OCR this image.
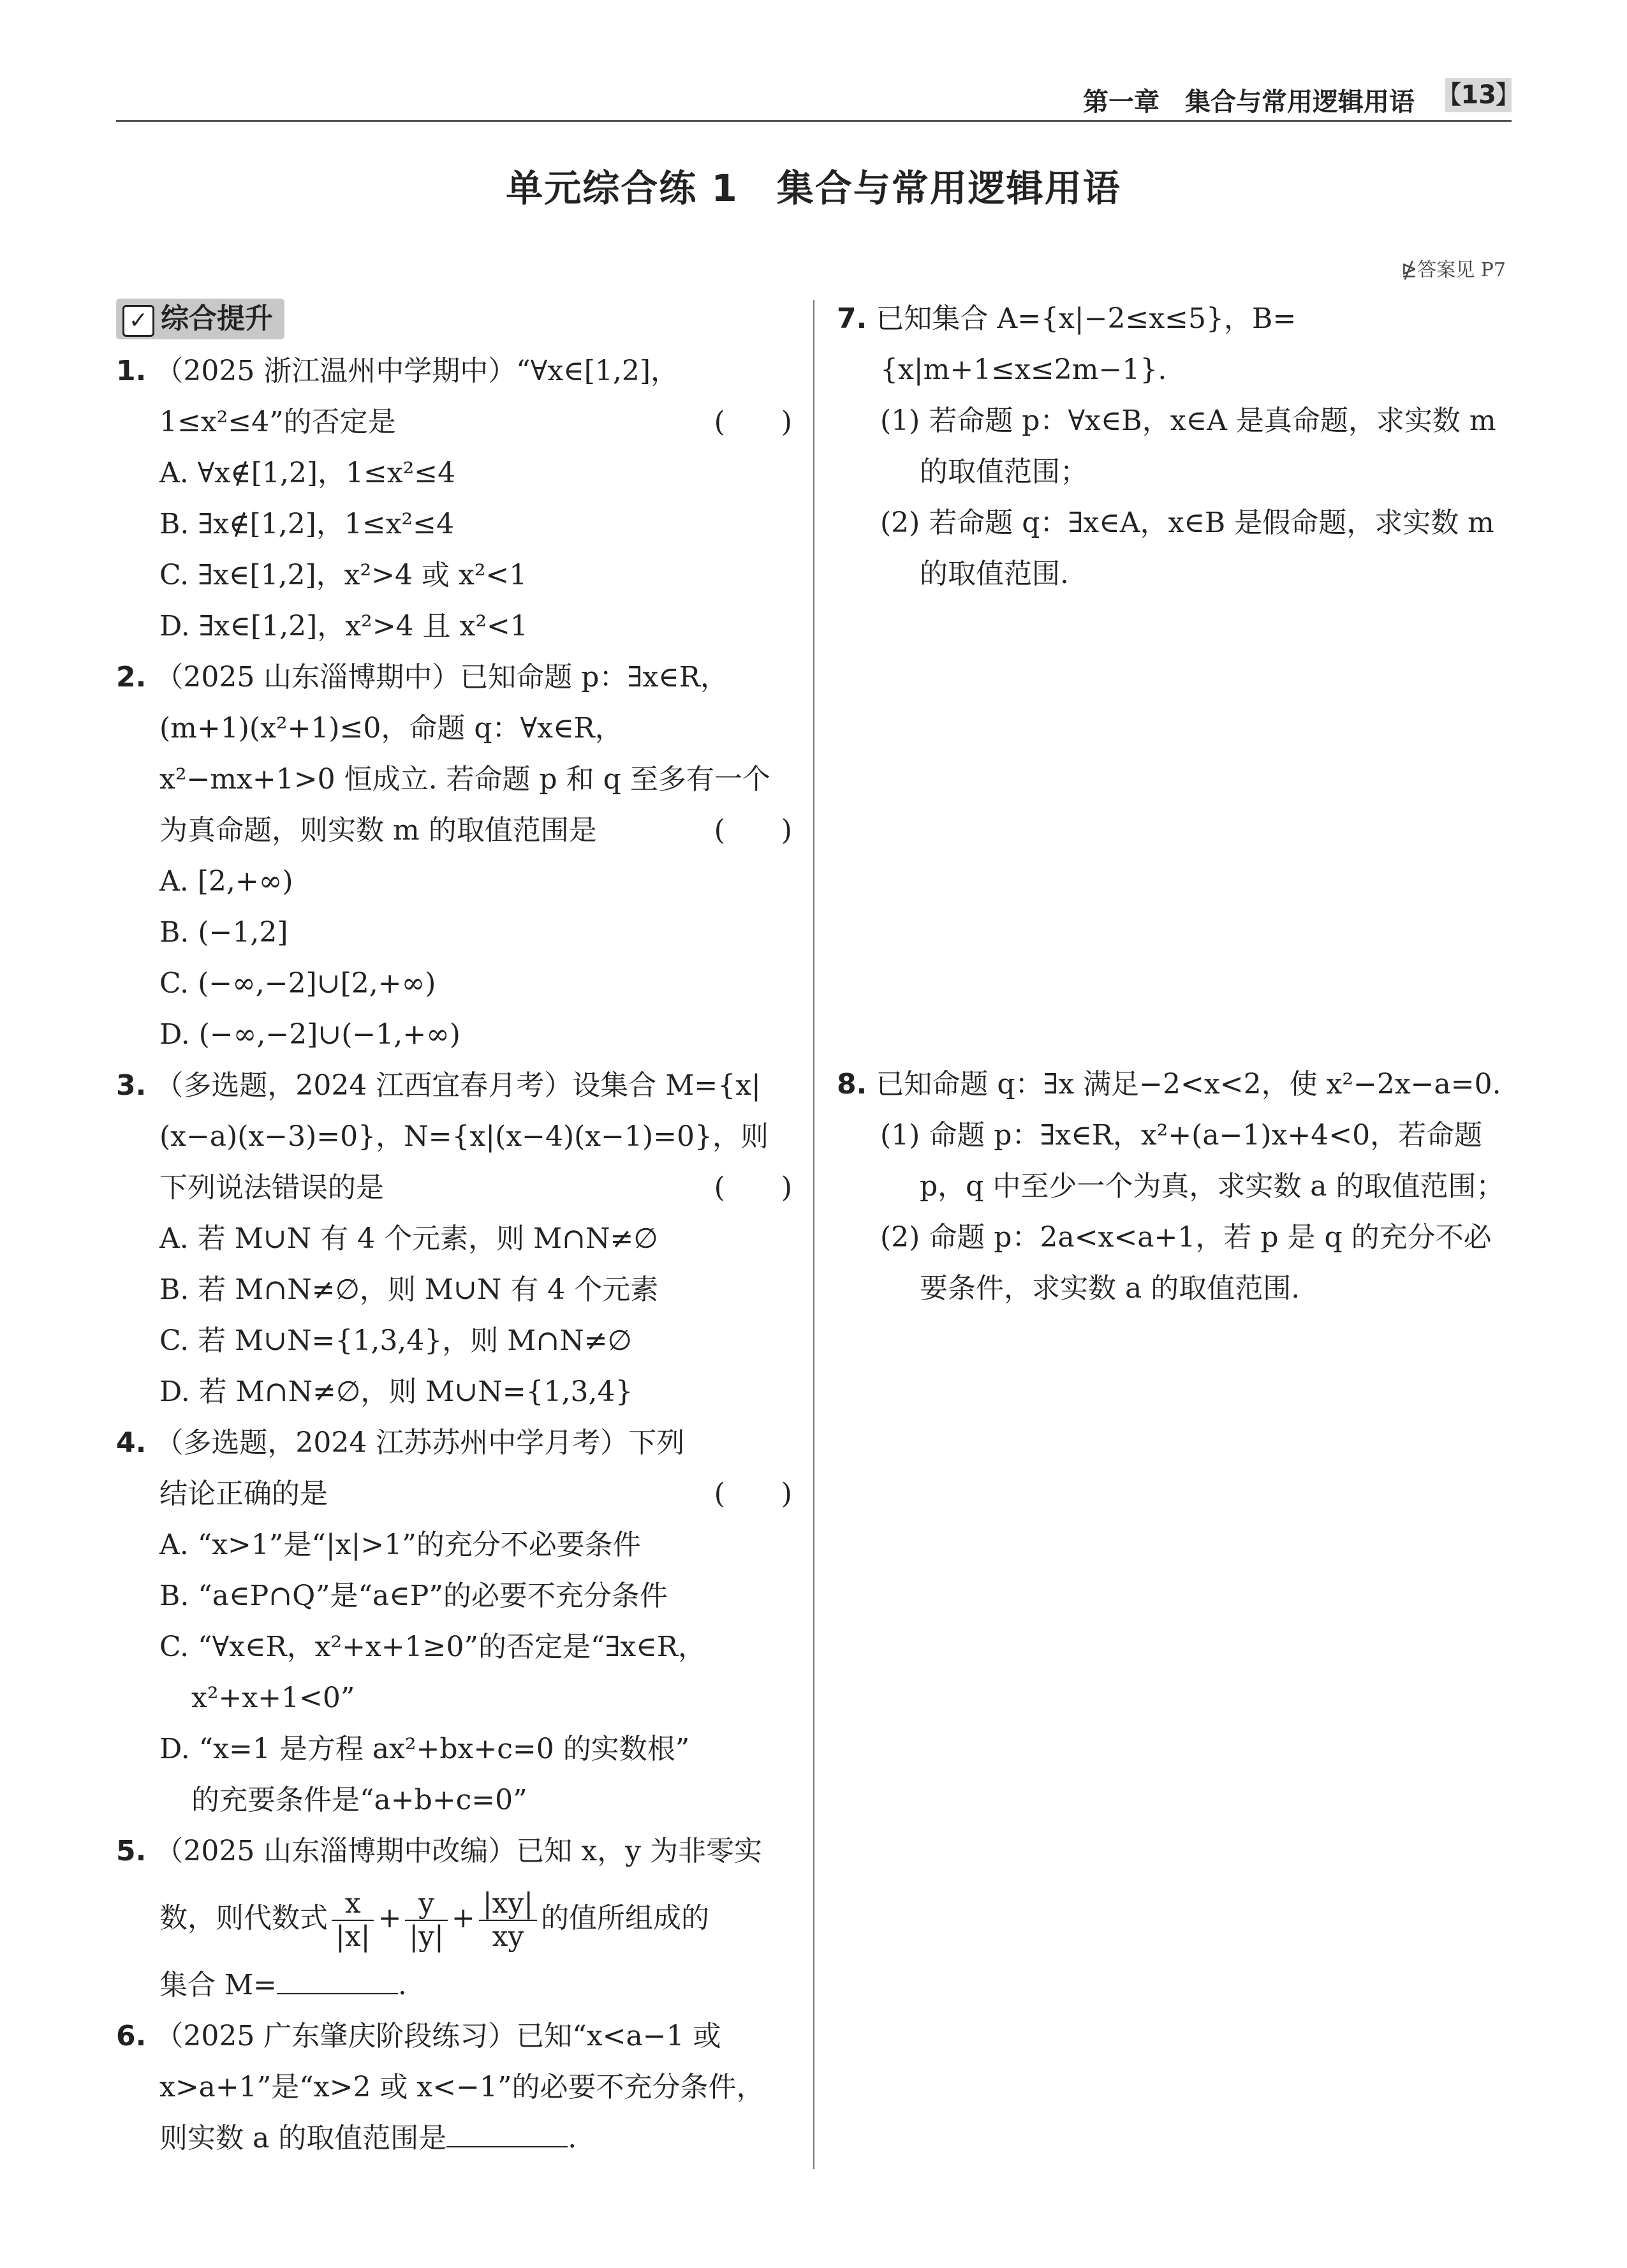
第一章　集合与常用逻辑用语
【	13 】
单元综合练 1　集合与常用逻辑用语
⋭答案见 P7
✓ 综合提升
1. （2025 浙江温州中学期中）“∀x∈[1,2]，1≤x²≤4”的否定是	(　　)
A. ∀x∉[1,2]，1≤x²≤4
B. ∃x∉[1,2]，1≤x²≤4
C. ∃x∈[1,2]，x²>4 或 x²<1
D. ∃x∈[1,2]，x²>4 且 x²<1
2. （2025 山东淄博期中）已知命题 p：∃x∈R，(m+1)(x²+1)≤0，命题 q：∀x∈R，x²−mx+1>0 恒成立. 若命题 p 和 q 至多有一个为真命题，则实数 m 的取值范围是	(　　)
A. [2,+∞)
B. (−1,2]
C. (−∞,−2]∪[2,+∞)
D. (−∞,−2]∪(−1,+∞)
3. （多选题，2024 江西宜春月考）设集合 M={x|(x−a)(x−3)=0}，N={x|(x−4)(x−1)=0}，则下列说法错误的是	(　　)
A. 若 M∪N 有 4 个元素，则 M∩N≠∅
B. 若 M∩N≠∅，则 M∪N 有 4 个元素
C. 若 M∪N={1,3,4}，则 M∩N≠∅
D. 若 M∩N≠∅，则 M∪N={1,3,4}
4. （多选题，2024 江苏苏州中学月考）下列结论正确的是	(　　)
A. “x>1”是“|x|>1”的充分不必要条件
B. “a∈P∩Q”是“a∈P”的必要不充分条件
C. “∀x∈R，x²+x+1≥0”的否定是“∃x∈R，
x²+x+1<0”
D. “x=1 是方程 ax²+bx+c=0 的实数根”
的充要条件是“a+b+c=0”
5. （2025 山东淄博期中改编）已知 x，y 为非零实
数，则代数式 $\frac{x}{|x|} + \frac{y}{|y|} + \frac{|xy|}{xy}$ 的值所组成的
集合 M=	.
6. （2025 广东肇庆阶段练习）已知“x<a−1 或 x>a+1”是“x>2 或 x<−1”的必要不充分条件，则实数 a 的取值范围是	.
7. 已知集合 A={x|−2≤x≤5}，B={x|m+1≤x≤2m−1}.
(1) 若命题 p：∀x∈B，x∈A 是真命题，求实数 m 的取值范围；
(2) 若命题 q：∃x∈A，x∈B 是假命题，求实数 m 的取值范围.
8. 已知命题 q：∃x 满足−2<x<2，使 x²−2x−a=0.
(1) 命题 p：∃x∈R，x²+(a−1)x+4<0，若命题 p，q 中至少一个为真，求实数 a 的取值范围；
(2) 命题 p：2a<x<a+1，若 p 是 q 的充分不必要条件，求实数 a 的取值范围.
